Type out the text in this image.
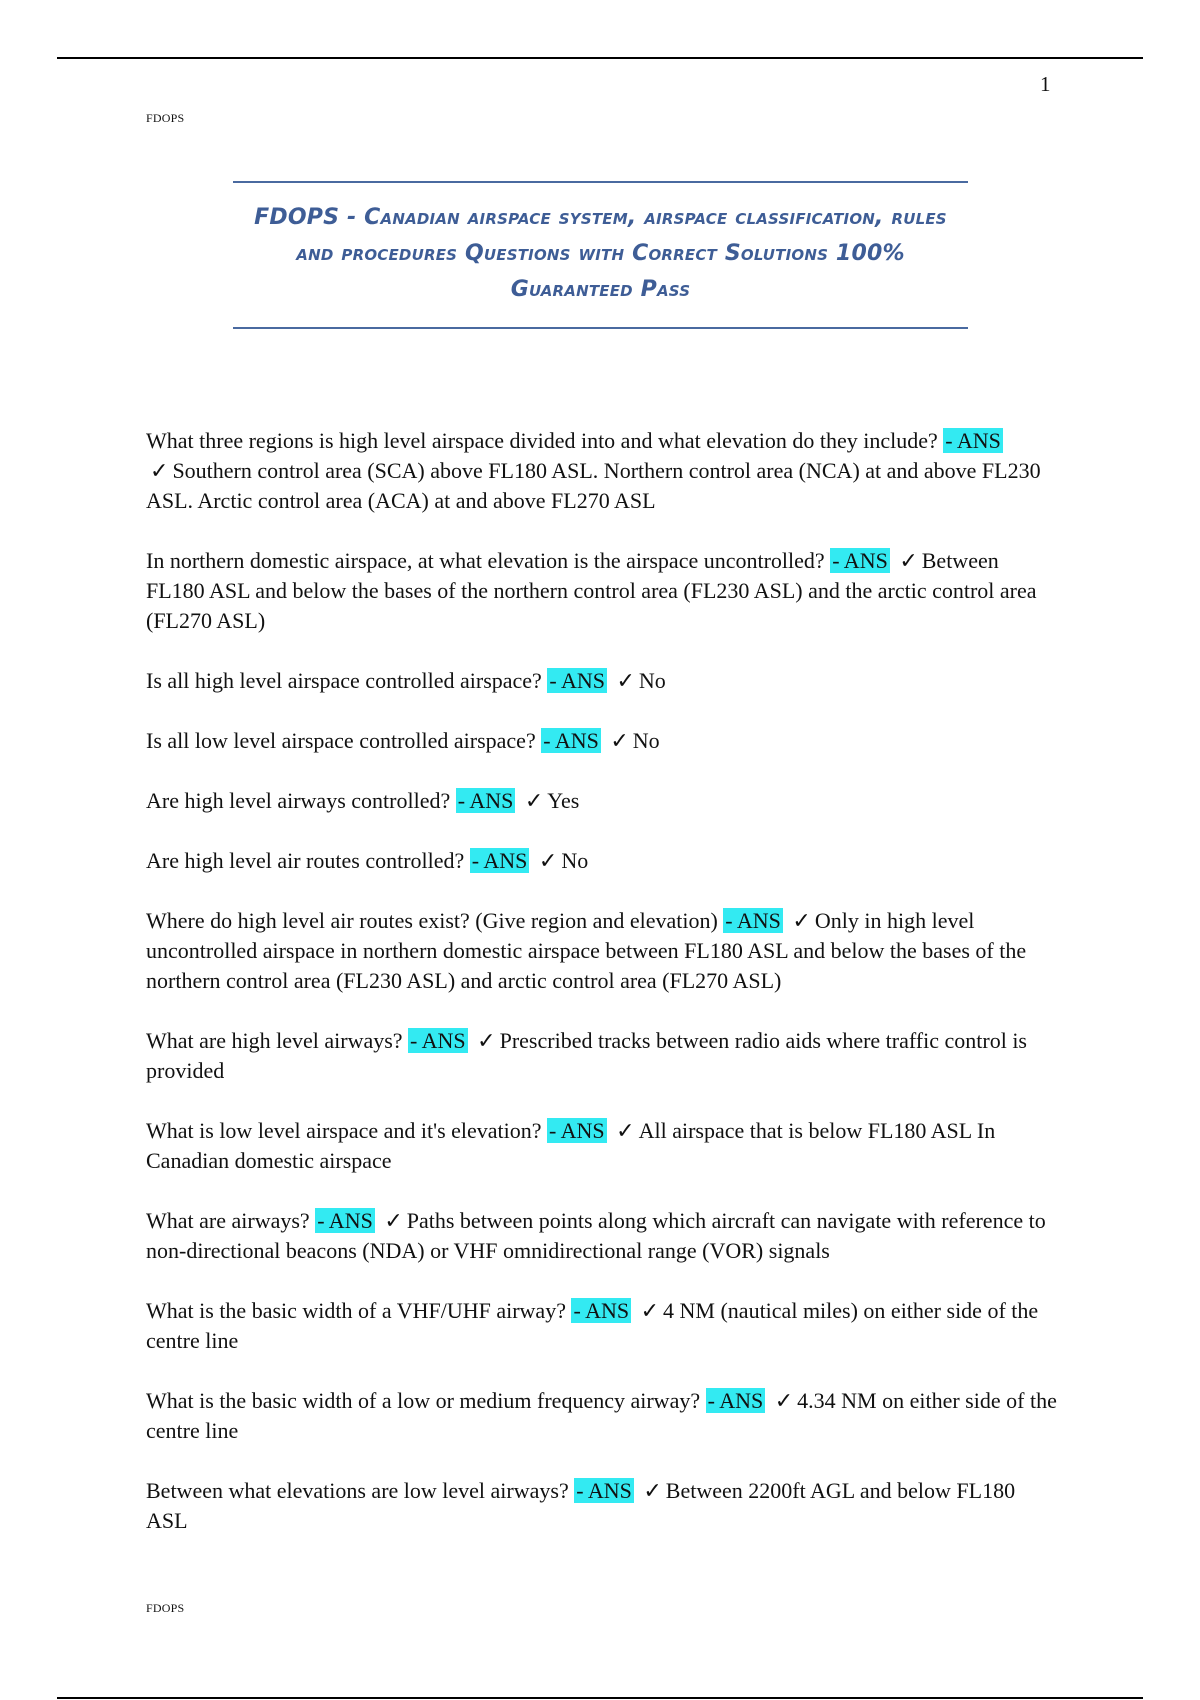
1
FDOPS
FDOPS - Canadian airspace system, airspace classification, rules and procedures Questions with Correct Solutions 100% Guaranteed Pass

What three regions is high level airspace divided into and what elevation do they include? - ANS ✓ Southern control area (SCA) above FL180 ASL. Northern control area (NCA) at and above FL230 ASL. Arctic control area (ACA) at and above FL270 ASL

In northern domestic airspace, at what elevation is the airspace uncontrolled? - ANS ✓ Between FL180 ASL and below the bases of the northern control area (FL230 ASL) and the arctic control area (FL270 ASL)

Is all high level airspace controlled airspace? - ANS ✓ No

Is all low level airspace controlled airspace? - ANS ✓ No

Are high level airways controlled? - ANS ✓ Yes

Are high level air routes controlled? - ANS ✓ No

Where do high level air routes exist? (Give region and elevation) - ANS ✓ Only in high level uncontrolled airspace in northern domestic airspace between FL180 ASL and below the bases of the northern control area (FL230 ASL) and arctic control area (FL270 ASL)

What are high level airways? - ANS ✓ Prescribed tracks between radio aids where traffic control is provided

What is low level airspace and it's elevation? - ANS ✓ All airspace that is below FL180 ASL In Canadian domestic airspace

What are airways? - ANS ✓ Paths between points along which aircraft can navigate with reference to non-directional beacons (NDA) or VHF omnidirectional range (VOR) signals

What is the basic width of a VHF/UHF airway? - ANS ✓ 4 NM (nautical miles) on either side of the centre line

What is the basic width of a low or medium frequency airway? - ANS ✓ 4.34 NM on either side of the centre line

Between what elevations are low level airways? - ANS ✓ Between 2200ft AGL and below FL180 ASL

FDOPS
